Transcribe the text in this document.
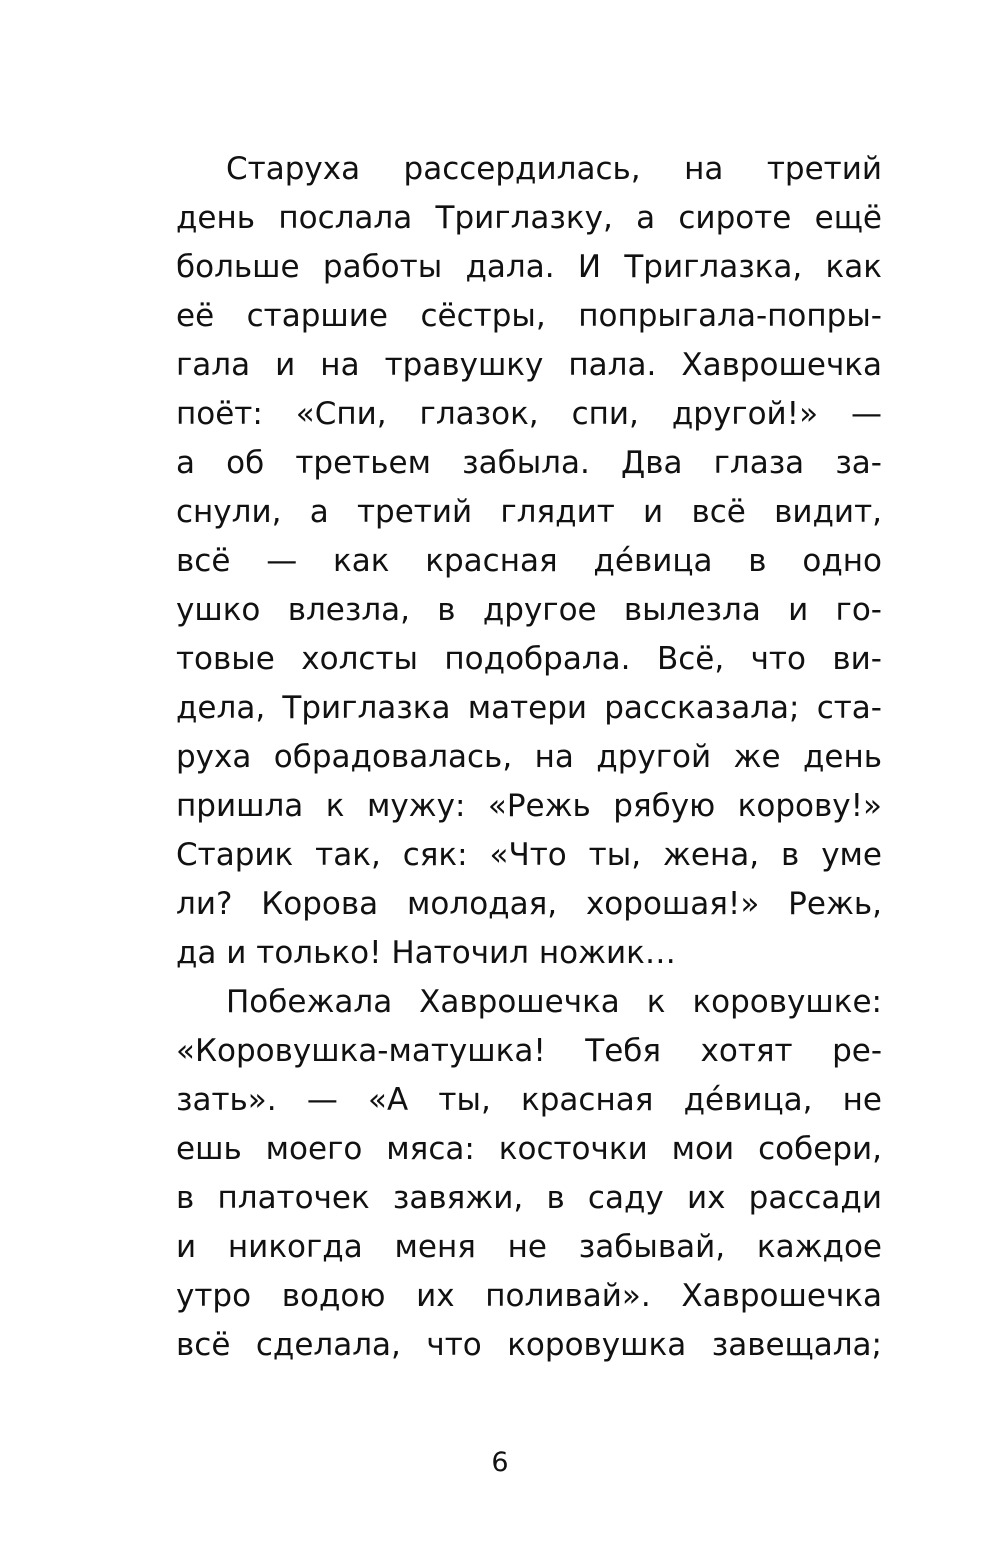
Старуха рассердилась, на третий
день послала Триглазку, а сироте ещё
больше работы дала. И Триглазка, как
её старшие сёстры, попрыгала-попры-
гала и на травушку пала. Хаврошечка
поёт: «Спи, глазок, спи, другой!» —
а об третьем забыла. Два глаза за-
снули, а третий глядит и всё видит,
всё — как красная де́вица в одно
ушко влезла, в другое вылезла и го-
товые холсты подобрала. Всё, что ви-
дела, Триглазка матери рассказала; ста-
руха обрадовалась, на другой же день
пришла к мужу: «Режь рябую корову!»
Старик так, сяк: «Что ты, жена, в уме
ли? Корова молодая, хорошая!» Режь,
да и только! Наточил ножик…
Побежала Хаврошечка к коровушке:
«Коровушка-матушка! Тебя хотят ре-
зать». — «А ты, красная де́вица, не
ешь моего мяса: косточки мои собери,
в платочек завяжи, в саду их рассади
и никогда меня не забывай, каждое
утро водою их поливай». Хаврошечка
всё сделала, что коровушка завещала;
6
